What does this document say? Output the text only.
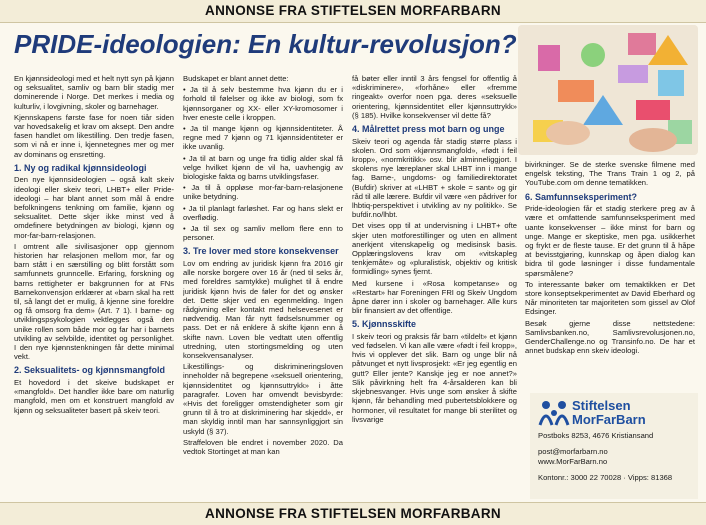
ANNONSE FRA STIFTELSEN MORFARBARN
PRIDE-ideologien: En kultur-revolusjon?

En kjønnsideologi med et helt nytt syn på kjønn og seksualitet, samliv og barn blir stadig mer dominerende i Norge. Det merkes i media og kulturliv, i lovgivning, skoler og barnehager.

Kjennskapens første fase for noen tiår siden var hovedsakelig et krav om aksept. Den andre fasen handlet om likestilling. Den tredje fasen, som vi nå er inne i, kjennetegnes mer og mer av dominans og ensretting.

1. Ny og radikal kjønnsideologi

Den nye kjønnsideologien – også kalt skeiv ideologi eller skeiv teori, LHBT+ eller Pride-ideologi – har blant annet som mål å endre befolkningens tenkning om familie, kjønn og seksualitet. Dette skjer ikke minst ved å omdefinere betydningen av biologi, kjønn og mor-far-barn-relasjonen.

I omtrent alle sivilisasjoner opp gjennom historien har relasjonen mellom mor, far og barn stått i en særstilling og blitt forstått som samfunnets grunncelle. Erfaring, forskning og barns rettigheter er bakgrunnen for at FNs Barnekonvensjon erklærer at «barn skal ha rett til, så langt det er mulig, å kjenne sine foreldre og få omsorg fra dem» (Art. 7 1). I barne- og utviklingspsykologien vektlegges også den unike rollen som både mor og far har i barnets utvikling av selvbilde, identitet og personlighet. I den nye kjønnstenkningen får dette minimal vekt.

2. Seksualitets- og kjønnsmangfold

Et hovedord i det skeive budskapet er «mangfold». Det handler ikke bare om naturlig mangfold, men om et konstruert mangfold av kjønn og seksualiteter basert på skeiv teori.

Budskapet er blant annet dette:

• Ja til å selv bestemme hva kjønn du er i forhold til følelser og ikke av biologi, som fx kjønnsorganer og XX- eller XY-kromosomer i hver eneste celle i kroppen.

• Ja til mange kjønn og kjønnsidentiteter. Å regne med 7 kjønn og 71 kjønnsidentiteter er ikke uvanlig.

• Ja til at barn og unge fra tidlig alder skal få velge hvilket kjønn de vil ha, uavhengig av biologiske fakta og barns utviklingsfaser.

• Ja til å oppløse mor-far-barn-relasjonene unike betydning.

• Ja til planlagt farløshet. Far og hans slekt er overflødig.

• Ja til sex og samliv mellom flere enn to personer.

3. Tre lover med store konsekvenser

Lov om endring av juridisk kjønn fra 2016 gir alle norske borgere over 16 år (ned til seks år, med foreldres samtykke) mulighet til å endre juridisk kjønn hvis de føler for det og ønsker det. Dette skjer ved en egenmelding. Ingen rådgivning eller kontakt med helsevesenet er nødvendig. Man får nytt fødselsnummer og pass. Det er nå enklere å skifte kjønn enn å skifte navn. Loven ble vedtatt uten offentlig utredning, uten stortingsmelding og uten konsekvensanalyser.

Likestillings- og diskrimineringsloven inneholder nå begrepene «seksuell orientering, kjønnsidentitet og kjønnsuttrykk» i åtte paragrafer. Loven har omvendt bevisbyrde: «Hvis det foreligger omstendigheter som gir grunn til å tro at diskriminering har skjedd», er man skyldig inntil man har sannsynliggjort sin uskyld (§ 37).

Straffeloven ble endret i november 2020. Da vedtok Stortinget at man kan

få bøter eller inntil 3 års fengsel for offentlig å «diskriminere», «forhåne» eller «fremme ringeakt» overfor noen pga. deres «seksuelle orientering, kjønnsidentitet eller kjønnsuttrykk» (§ 185). Hvilke konsekvenser vil dette få?

4. Målrettet press mot barn og unge

Skeiv teori og agenda får stadig større plass i skolen. Ord som «kjønnsmangfold», «født i feil kropp», «normkritikk» osv. blir alminneliggjort. I skolens nye læreplaner skal LHBT inn i mange fag. Barne-, ungdoms- og familiedirektoratet (Bufdir) skriver at «LHBT + skole = sant» og gir råd til alle lærere. Bufdir vil være «en pådriver for lhbtiq-perspektivet i utvikling av ny politikk». Se bufdir.no/lhbt.

Det vises opp til at undervisning i LHBT+ ofte skjer uten motforestillinger og uten en allment anerkjent vitenskapelig og medisinsk basis. Opplæringslovens krav om «vitskapleg tenkjemåte» og «pluralistisk, objektiv og kritisk formidling» synes fjernt.

Med kursene i «Rosa kompetanse» og «Restart» har Foreningen FRI og Skeiv Ungdom åpne dører inn i skoler og barnehager. Alle kurs blir finansiert av det offentlige.

5. Kjønnsskifte

I skeiv teori og praksis får barn «tildelt» et kjønn ved fødselen. Vi kan alle være «født i feil kropp», hvis vi opplever det slik. Barn og unge blir nå påtvunget et nytt livsprosjekt: «Er jeg egentlig en gutt? Eller jente? Kanskje jeg er noe annet?» Slik påvirkning helt fra 4-årsalderen kan bli skjebnesvanger. Hvis unge som ønsker å skifte kjønn, får behandling med pubertetsblokkere og hormoner, vil resultatet for mange bli sterilitet og livsvarige

bivirkninger. Se de sterke svenske filmene med engelsk teksting, The Trans Train 1 og 2, på YouTube.com om denne tematikken.

6. Samfunnseksperiment?

Pride-ideologien får et stadig sterkere preg av å være et omfattende samfunnseksperiment med uante konsekvenser – ikke minst for barn og unge. Mange er skeptiske, men pga. usikkerhet og frykt er de fleste tause. Er det grunn til å håpe at bevisstgjøring, kunnskap og åpen dialog kan bidra til gode løsninger i disse fundamentale spørsmålene?

To interessante bøker om temaktikken er Det store konseptsekperimentet av David Eberhard og Når minoriteten tar majoriteten som gissel av Olof Edsinger.

Besøk gjerne disse nettstedene: Samlivsbanken.no, Samlivsrevolusjonen.no, GenderChallenge.no og Transinfo.no. De har et annet budskap enn skeiv ideologi.

Stiftelsen
MorFarBarn
Postboks 8253, 4676 Kristiansand
post@morfarbarn.no
www.MorFarBarn.no
Kontonr.: 3000 22 70028 · Vipps: 81368
ANNONSE FRA STIFTELSEN MORFARBARN
